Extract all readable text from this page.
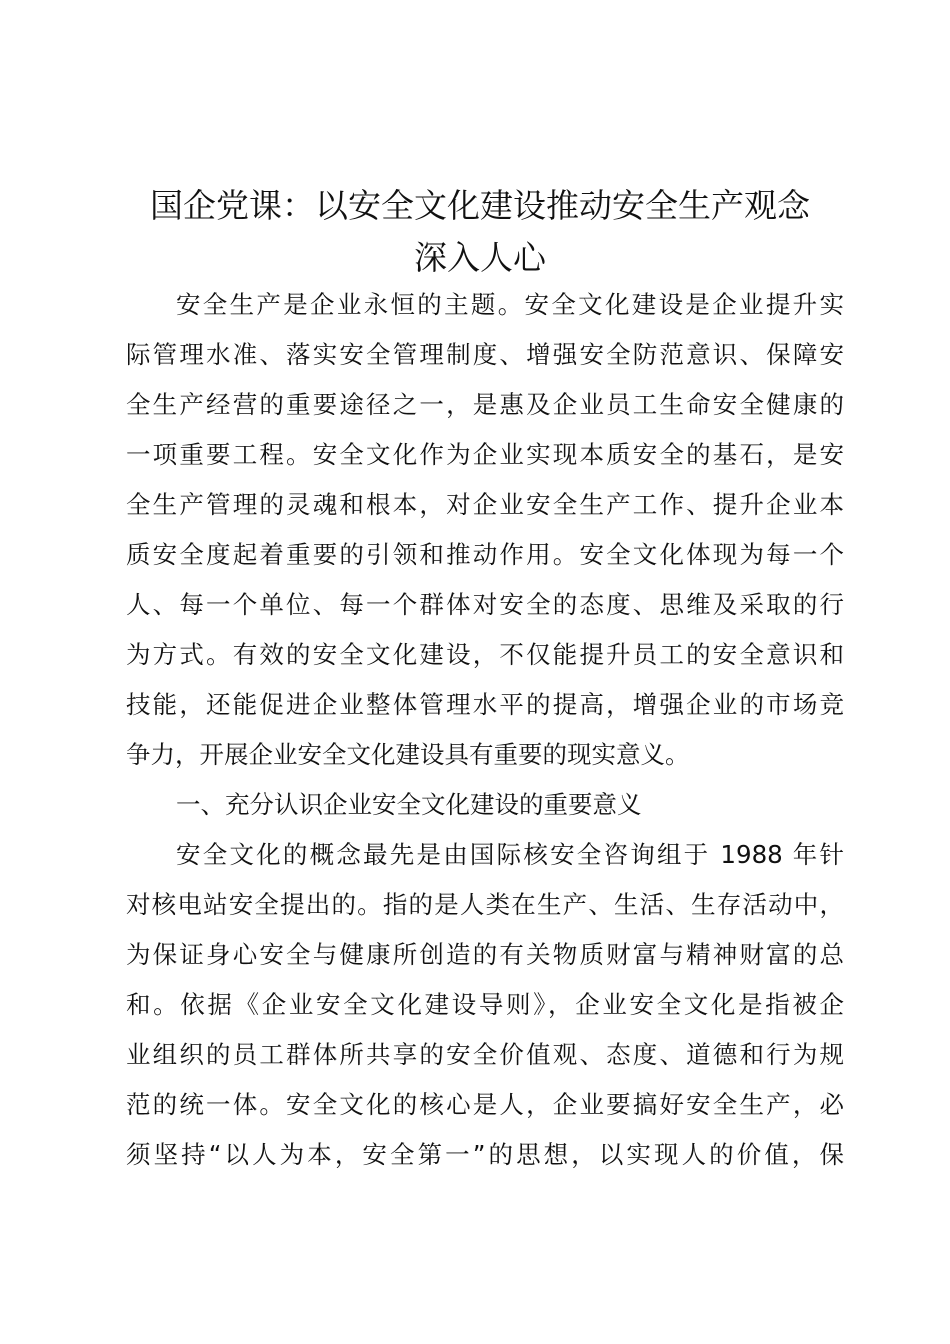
国企党课：以安全文化建设推动安全生产观念
深入人心
安全生产是企业永恒的主题。安全文化建设是企业提升实
际管理水准、落实安全管理制度、增强安全防范意识、保障安
全生产经营的重要途径之一，是惠及企业员工生命安全健康的
一项重要工程。安全文化作为企业实现本质安全的基石，是安
全生产管理的灵魂和根本，对企业安全生产工作、提升企业本
质安全度起着重要的引领和推动作用。安全文化体现为每一个
人、每一个单位、每一个群体对安全的态度、思维及采取的行
为方式。有效的安全文化建设，不仅能提升员工的安全意识和
技能，还能促进企业整体管理水平的提高，增强企业的市场竞
争力，开展企业安全文化建设具有重要的现实意义。
一、充分认识企业安全文化建设的重要意义
安全文化的概念最先是由国际核安全咨询组于 1988 年针
对核电站安全提出的。指的是人类在生产、生活、生存活动中，
为保证身心安全与健康所创造的有关物质财富与精神财富的总
和。依据《企业安全文化建设导则》，企业安全文化是指被企
业组织的员工群体所共享的安全价值观、态度、道德和行为规
范的统一体。安全文化的核心是人，企业要搞好安全生产，必
须坚持“以人为本，安全第一”的思想，以实现人的价值，保
